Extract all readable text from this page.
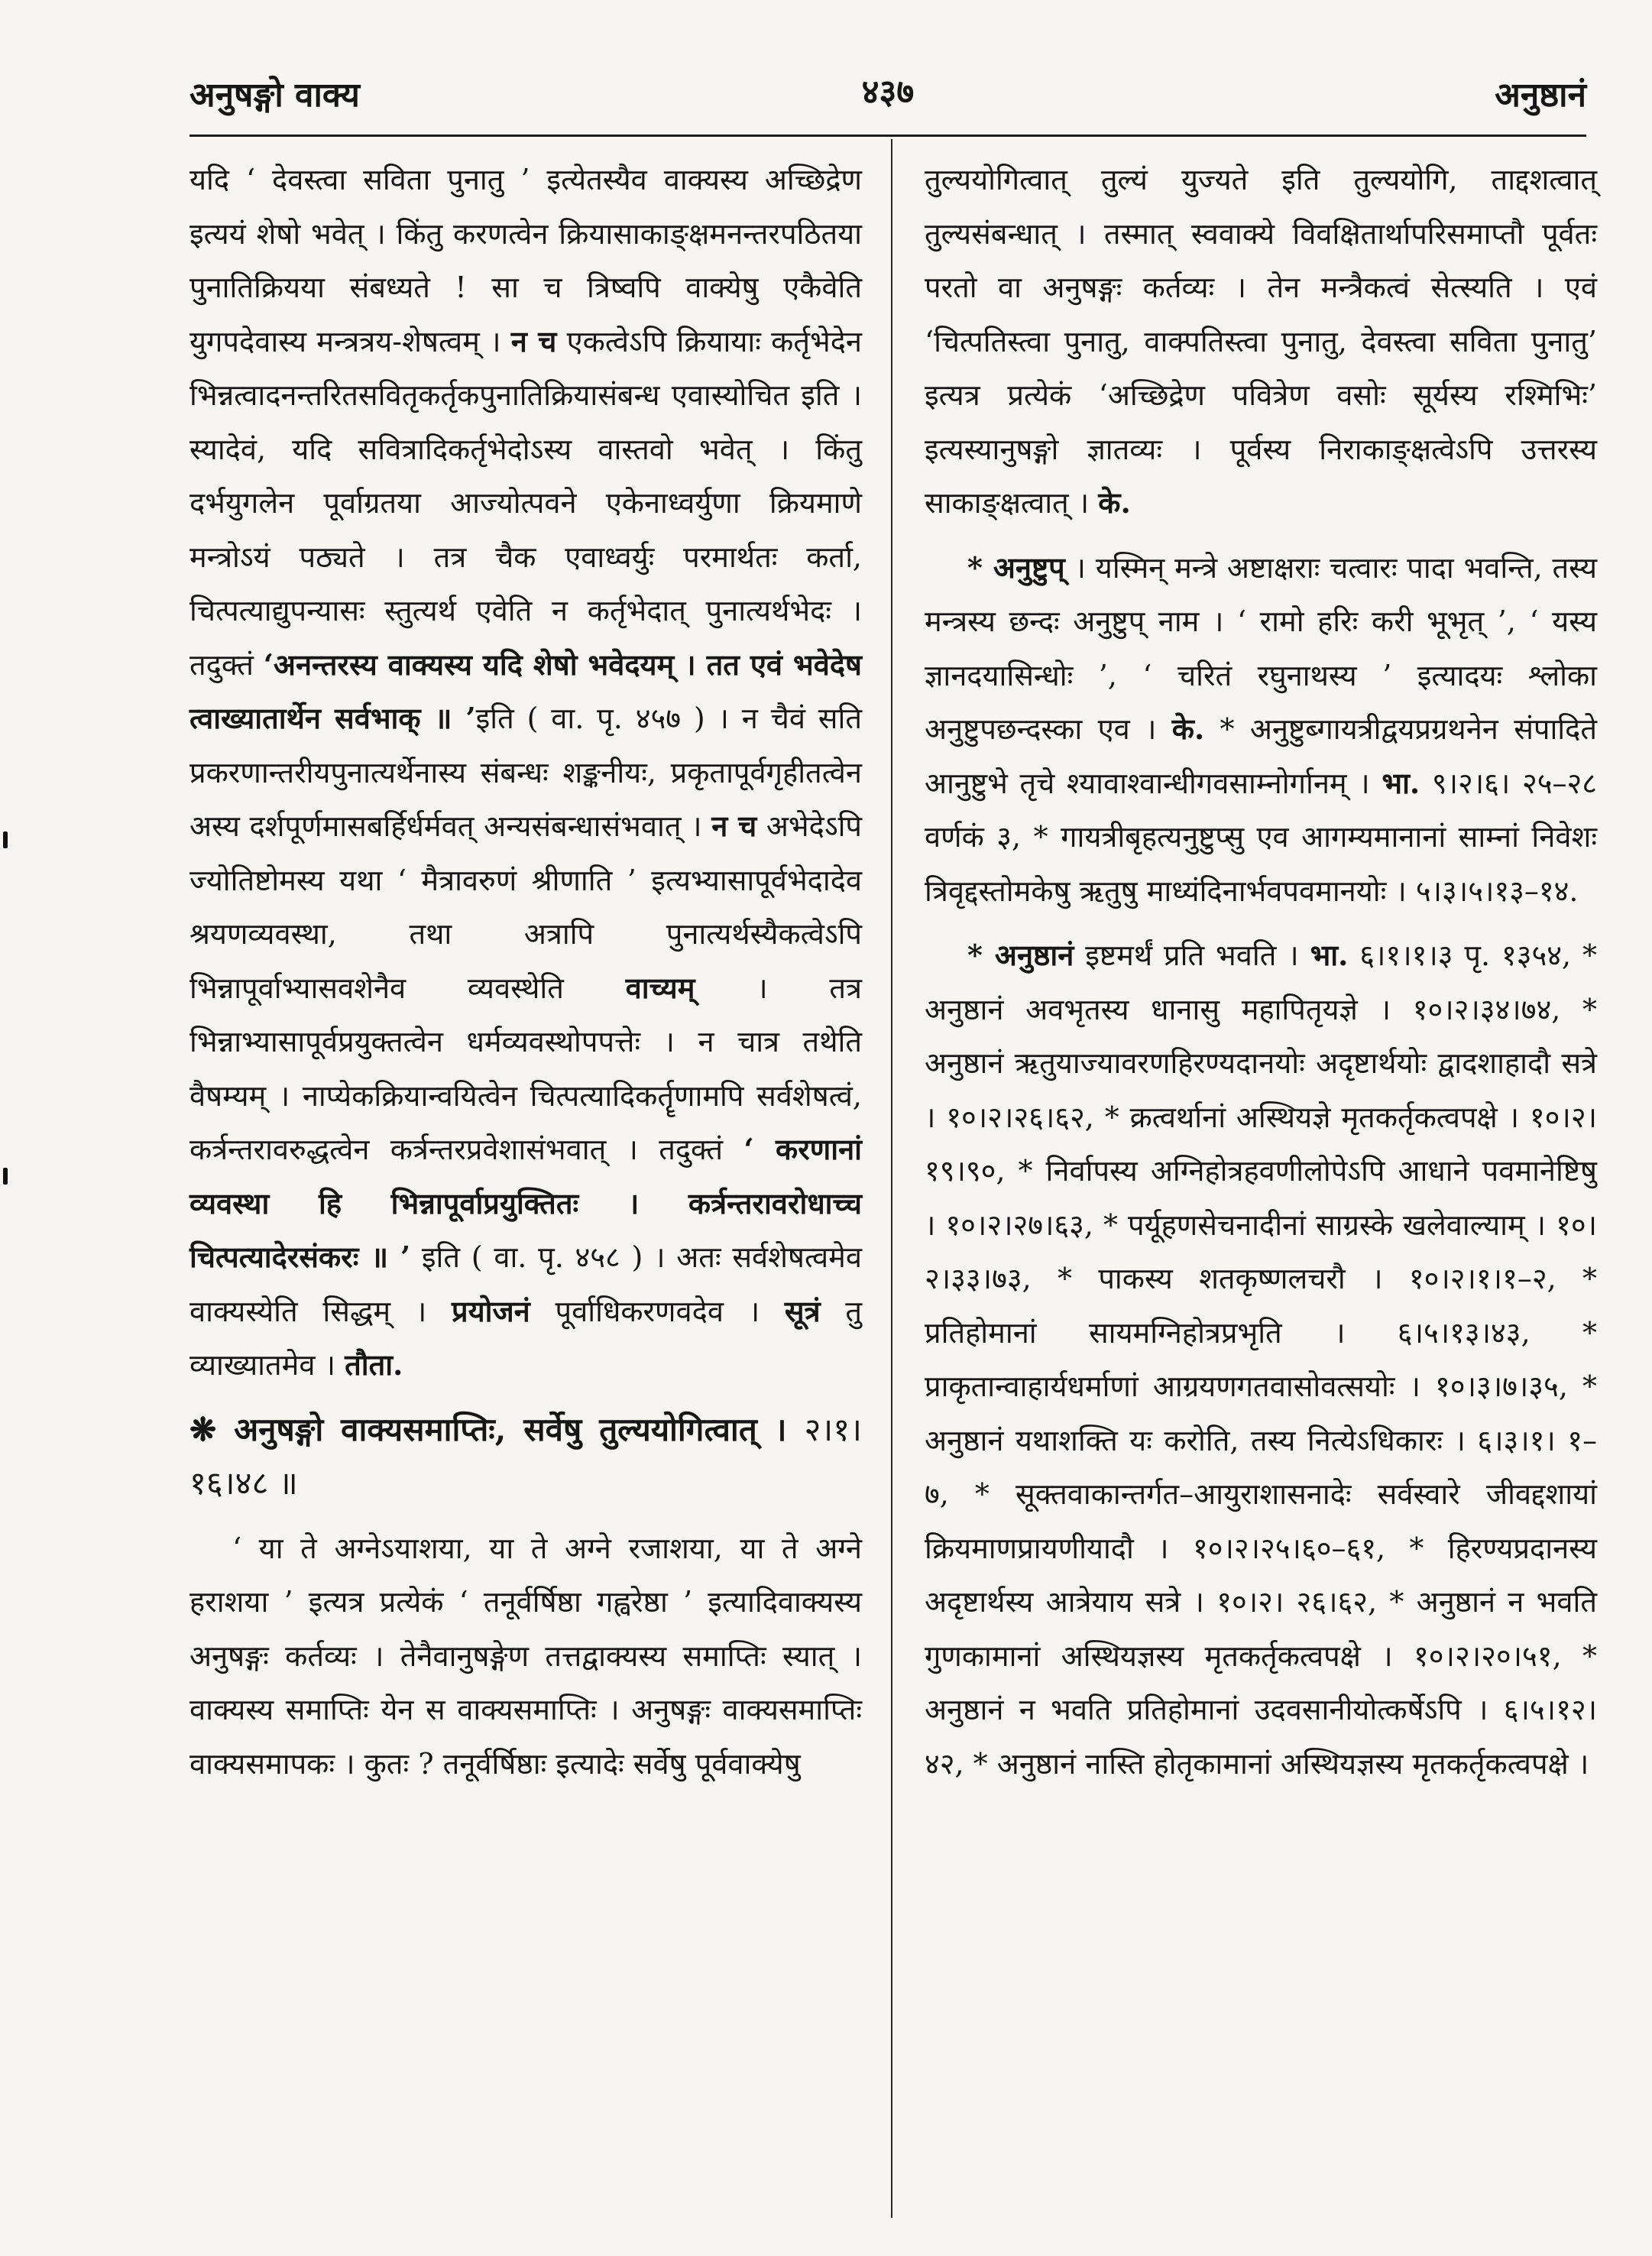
अनुषङ्गो वाक्य	४३७	अनुष्ठानं

यदि ‘ देवस्त्वा सविता पुनातु ’ इत्येतस्यैव वाक्यस्य अच्छिद्रेण इत्ययं शेषो भवेत् । किंतु करणत्वेन क्रियासाकाङ्क्षमनन्तरपठितया पुनातिक्रियया संबध्यते ! सा च त्रिष्वपि वाक्येषु एकैवेति युगपदेवास्य मन्त्रत्रय-शेषत्वम् । न च एकत्वेऽपि क्रियायाः कर्तृभेदेन भिन्नत्वादनन्तरितसवितृकर्तृकपुनातिक्रियासंबन्ध एवास्योचित इति । स्यादेवं, यदि सवित्रादिकर्तृभेदोऽस्य वास्तवो भवेत् । किंतु दर्भयुगलेन पूर्वाग्रतया आज्योत्पवने एकेनाध्वर्युणा क्रियमाणे मन्त्रोऽयं पठ्यते । तत्र चैक एवाध्वर्युः परमार्थतः कर्ता, चित्पत्याद्युपन्यासः स्तुत्यर्थ एवेति न कर्तृभेदात् पुनात्यर्थभेदः । तदुक्तं ‘अनन्तरस्य वाक्यस्य यदि शेषो भवेदयम् । तत एवं भवेदेष त्वाख्यातार्थेन सर्वभाक् ॥ ’इति ( वा. पृ. ४५७ ) । न चैवं सति प्रकरणान्तरीयपुनात्यर्थेनास्य संबन्धः शङ्कनीयः, प्रकृतापूर्वगृहीतत्वेन अस्य दर्शपूर्णमासबर्हिर्धर्मवत् अन्यसंबन्धासंभवात् । न च अभेदेऽपि ज्योतिष्टोमस्य यथा ‘ मैत्रावरुणं श्रीणाति ’ इत्यभ्यासापूर्वभेदादेव श्रयणव्यवस्था, तथा अत्रापि पुनात्यर्थस्यैकत्वेऽपि भिन्नापूर्वाभ्यासवशेनैव व्यवस्थेति वाच्यम् । तत्र भिन्नाभ्यासापूर्वप्रयुक्तत्वेन धर्मव्यवस्थोपपत्तेः । न चात्र तथेति वैषम्यम् । नाप्येकक्रियान्वयित्वेन चित्पत्यादिकर्तॄणामपि सर्वशेषत्वं, कर्त्रन्तरावरुद्धत्वेन कर्त्रन्तरप्रवेशासंभवात् । तदुक्तं ‘ करणानां व्यवस्था हि भिन्नापूर्वाप्रयुक्तितः । कर्त्रन्तरावरोधाच्च चित्पत्यादेरसंकरः ॥ ’ इति ( वा. पृ. ४५८ ) । अतः सर्वशेषत्वमेव वाक्यस्येति सिद्धम् । प्रयोजनं पूर्वाधिकरणवदेव । सूत्रं तु व्याख्यातमेव । तौता.

❋ अनुषङ्गो वाक्यसमाप्तिः, सर्वेषु तुल्ययोगित्वात् । २।१।१६।४८ ॥

‘ या ते अग्नेऽयाशया, या ते अग्ने रजाशया, या ते अग्ने हराशया ’ इत्यत्र प्रत्येकं ‘ तनूर्वर्षिष्ठा गह्वरेष्ठा ’ इत्यादिवाक्यस्य अनुषङ्गः कर्तव्यः । तेनैवानुषङ्गेण तत्तद्वाक्यस्य समाप्तिः स्यात् । वाक्यस्य समाप्तिः येन स वाक्यसमाप्तिः । अनुषङ्गः वाक्यसमाप्तिः वाक्यसमापकः । कुतः ? तनूर्वर्षिष्ठाः इत्यादेः सर्वेषु पूर्ववाक्येषु

तुल्ययोगित्वात् तुल्यं युज्यते इति तुल्ययोगि, ताद्दशत्वात् तुल्यसंबन्धात् । तस्मात् स्ववाक्ये विवक्षितार्थापरिसमाप्तौ पूर्वतः परतो वा अनुषङ्गः कर्तव्यः । तेन मन्त्रैकत्वं सेत्स्यति । एवं ‘चित्पतिस्त्वा पुनातु, वाक्पतिस्त्वा पुनातु, देवस्त्वा सविता पुनातु’ इत्यत्र प्रत्येकं ‘अच्छिद्रेण पवित्रेण वसोः सूर्यस्य रश्मिभिः’ इत्यस्यानुषङ्गो ज्ञातव्यः । पूर्वस्य निराकाङ्क्षत्वेऽपि उत्तरस्य साकाङ्क्षत्वात् । के.

* अनुष्टुप् । यस्मिन् मन्त्रे अष्टाक्षराः चत्वारः पादा भवन्ति, तस्य मन्त्रस्य छन्दः अनुष्टुप् नाम । ‘ रामो हरिः करी भूभृत् ’, ‘ यस्य ज्ञानदयासिन्धोः ’, ‘ चरितं रघुनाथस्य ’ इत्यादयः श्लोका अनुष्टुपछन्दस्का एव । के. * अनुष्टुब्गायत्रीद्वयप्रग्रथनेन संपादिते आनुष्टुभे तृचे श्यावाश्वान्धीगवसाम्नोर्गानम् । भा. ९।२।६। २५–२८ वर्णकं ३, * गायत्रीबृहत्यनुष्टुप्सु एव आगम्यमानानां साम्नां निवेशः त्रिवृद्दस्तोमकेषु ऋतुषु माध्यंदिनार्भवपवमानयोः । ५।३।५।१३–१४.

* अनुष्ठानं इष्टमर्थं प्रति भवति । भा. ६।१।१।३ पृ. १३५४, * अनुष्ठानं अवभृतस्य धानासु महापितृयज्ञे । १०।२।३४।७४, * अनुष्ठानं ऋतुयाज्यावरणहिरण्यदानयोः अदृष्टार्थयोः द्वादशाहादौ सत्रे । १०।२।२६।६२, * क्रत्वर्थानां अस्थियज्ञे मृतकर्तृकत्वपक्षे । १०।२।१९।९०, * निर्वापस्य अग्निहोत्रहवणीलोपेऽपि आधाने पवमानेष्टिषु । १०।२।२७।६३, * पर्यूहणसेचनादीनां साग्रस्के खलेवाल्याम् । १०।२।३३।७३, * पाकस्य शतकृष्णलचरौ । १०।२।१।१–२, * प्रतिहोमानां सायमग्निहोत्रप्रभृति । ६।५।१३।४३, * प्राकृतान्वाहार्यधर्माणां आग्रयणगतवासोवत्सयोः । १०।३।७।३५, * अनुष्ठानं यथाशक्ति यः करोति, तस्य नित्येऽधिकारः । ६।३।१। १–७, * सूक्तवाकान्तर्गत–आयुराशासनादेः सर्वस्वारे जीवद्दशायां क्रियमाणप्रायणीयादौ । १०।२।२५।६०–६१, * हिरण्यप्रदानस्य अदृष्टार्थस्य आत्रेयाय सत्रे । १०।२। २६।६२, * अनुष्ठानं न भवति गुणकामानां अस्थियज्ञस्य मृतकर्तृकत्वपक्षे । १०।२।२०।५१, * अनुष्ठानं न भवति प्रतिहोमानां उदवसानीयोत्कर्षेऽपि । ६।५।१२।४२, * अनुष्ठानं नास्ति होतृकामानां अस्थियज्ञस्य मृतकर्तृकत्वपक्षे ।
